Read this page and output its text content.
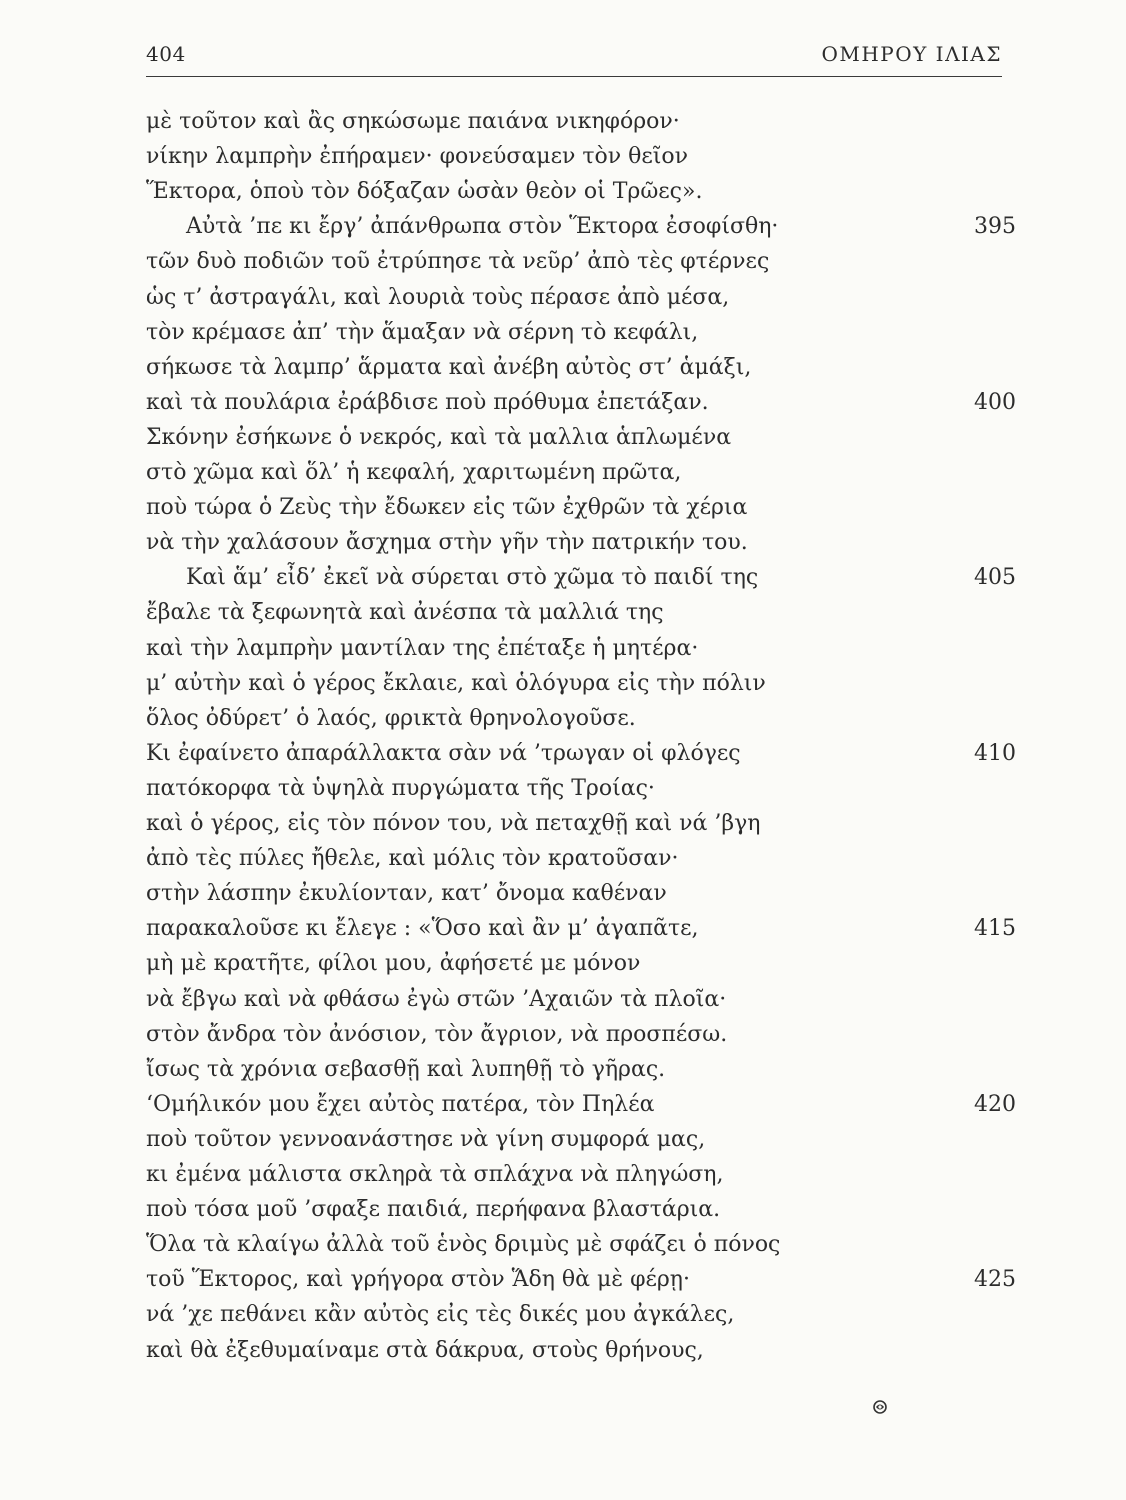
404	ΟΜΗΡΟΥ ΙΛΙΑΣ
μὲ τοῦτον καὶ ἂς σηκώσωμε παιάνα νικηφόρον·
νίκην λαμπρὴν ἐπήραμεν· φονεύσαμεν τὸν θεῖον
Ἕκτορα, ὁποὺ τὸν δόξαζαν ὡσὰν θεὸν οἱ Τρῶες».
Αὐτὰ ’πε κι ἔργ’ ἀπάνθρωπα στὸν Ἕκτορα ἐσοφίσθη·	395
τῶν δυὸ ποδιῶν τοῦ ἐτρύπησε τὰ νεῦρ’ ἀπὸ τὲς φτέρνες
ὡς τ’ ἀστραγάλι, καὶ λουριὰ τοὺς πέρασε ἀπὸ μέσα,
τὸν κρέμασε ἀπ’ τὴν ἅμαξαν νὰ σέρνη τὸ κεφάλι,
σήκωσε τὰ λαμπρ’ ἅρματα καὶ ἀνέβη αὐτὸς στ’ ἁμάξι,
καὶ τὰ πουλάρια ἐράβδισε ποὺ πρόθυμα ἐπετάξαν.	400
Σκόνην ἐσήκωνε ὁ νεκρός, καὶ τὰ μαλλια ἁπλωμένα
στὸ χῶμα καὶ ὅλ’ ἡ κεφαλή, χαριτωμένη πρῶτα,
ποὺ τώρα ὁ Ζεὺς τὴν ἔδωκεν εἰς τῶν ἐχθρῶν τὰ χέρια
νὰ τὴν χαλάσουν ἄσχημα στὴν γῆν τὴν πατρικήν του.
Καὶ ἅμ’ εἶδ’ ἐκεῖ νὰ σύρεται στὸ χῶμα τὸ παιδί της	405
ἔβαλε τὰ ξεφωνητὰ καὶ ἀνέσπα τὰ μαλλιά της
καὶ τὴν λαμπρὴν μαντίλαν της ἐπέταξε ἡ μητέρα·
μ’ αὐτὴν καὶ ὁ γέρος ἔκλαιε, καὶ ὁλόγυρα εἰς τὴν πόλιν
ὅλος ὀδύρετ’ ὁ λαός, φρικτὰ θρηνολογοῦσε.
Κι ἐφαίνετο ἀπαράλλακτα σὰν νά ’τρωγαν οἱ φλόγες	410
πατόκορφα τὰ ὑψηλὰ πυργώματα τῆς Τροίας·
καὶ ὁ γέρος, εἰς τὸν πόνον του, νὰ πεταχθῇ καὶ νά ’βγη
ἀπὸ τὲς πύλες ἤθελε, καὶ μόλις τὸν κρατοῦσαν·
στὴν λάσπην ἐκυλίονταν, κατ’ ὄνομα καθέναν
παρακαλοῦσε κι ἔλεγε : «Ὅσο καὶ ἂν μ’ ἀγαπᾶτε,	415
μὴ μὲ κρατῆτε, φίλοι μου, ἀφήσετέ με μόνον
νὰ ἔβγω καὶ νὰ φθάσω ἐγὼ στῶν ’Αχαιῶν τὰ πλοῖα·
στὸν ἄνδρα τὸν ἀνόσιον, τὸν ἄγριον, νὰ προσπέσω.
ἴσως τὰ χρόνια σεβασθῇ καὶ λυπηθῇ τὸ γῆρας.
‘Ομήλικόν μου ἔχει αὐτὸς πατέρα, τὸν Πηλέα	420
ποὺ τοῦτον γεννοανάστησε νὰ γίνη συμφορά μας,
κι ἐμένα μάλιστα σκληρὰ τὰ σπλάχνα νὰ πληγώση,
ποὺ τόσα μοῦ ’σφαξε παιδιά, περήφανα βλαστάρια.
Ὅλα τὰ κλαίγω ἀλλὰ τοῦ ἑνὸς δριμὺς μὲ σφάζει ὁ πόνος
τοῦ Ἕκτορος, καὶ γρήγορα στὸν Ἅδη θὰ μὲ φέρῃ·	425
νά ’χε πεθάνει κἂν αὐτὸς εἰς τὲς δικές μου ἀγκάλες,
καὶ θὰ ἐξεθυμαίναμε στὰ δάκρυα, στοὺς θρήνους,
